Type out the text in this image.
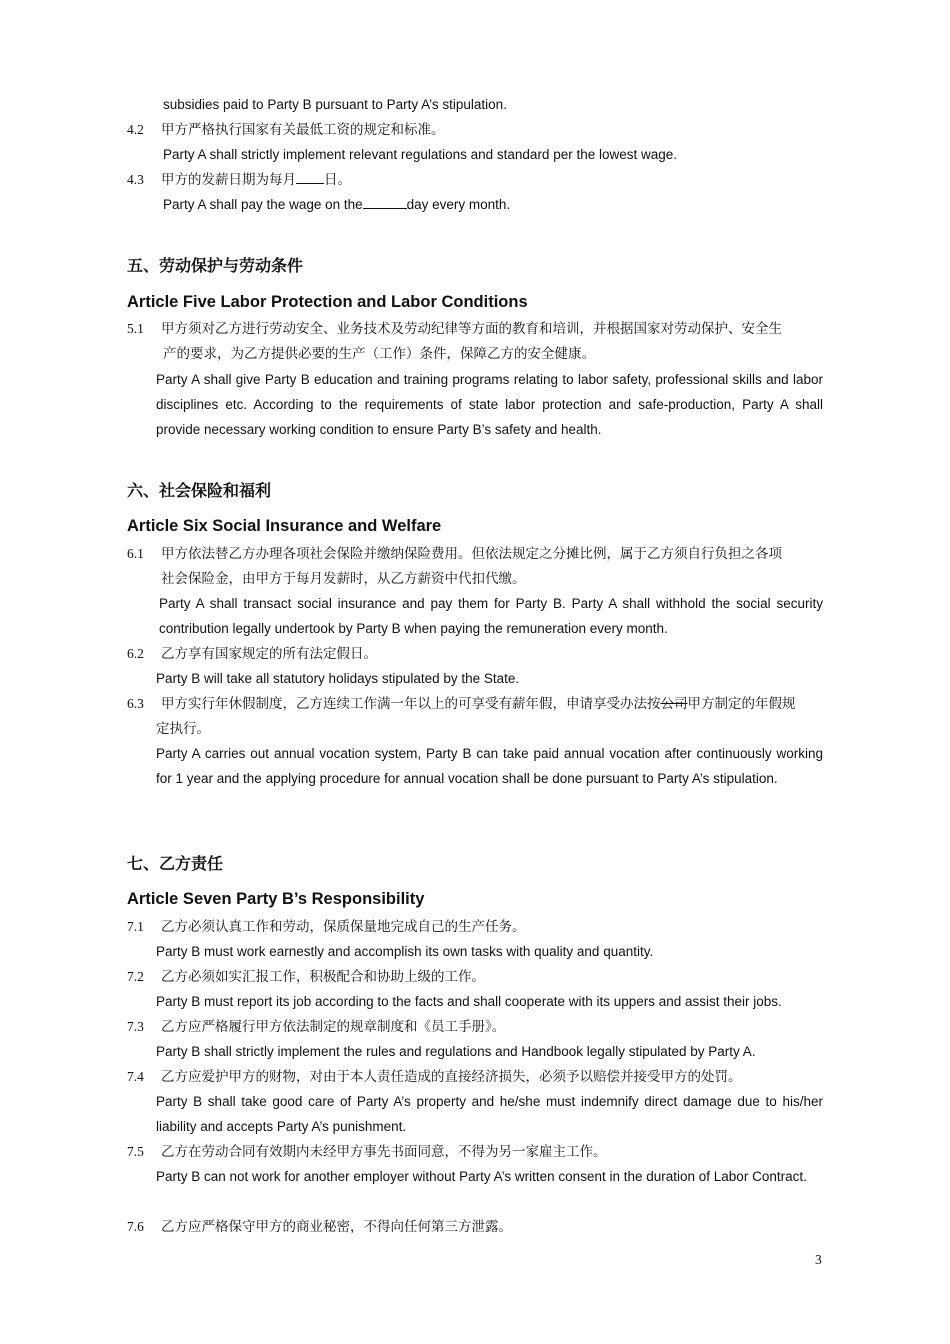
subsidies paid to Party B pursuant to Party A’s stipulation.
4.2 甲方严格执行国家有关最低工资的规定和标准。
Party A shall strictly implement relevant regulations and standard per the lowest wage.
4.3 甲方的发薪日期为每月 日。
Party A shall pay the wage on the	day every month.
五、劳动保护与劳动条件
Article Five Labor Protection and Labor Conditions
5.1 甲方须对乙方进行劳动安全、业务技术及劳动纪律等方面的教育和培训，并根据国家对劳动保护、安全生
产的要求，为乙方提供必要的生产（工作）条件，保障乙方的安全健康。
Party A shall give Party B education and training programs relating to labor safety, professional skills and labor disciplines etc. According to the requirements of state labor protection and safe-production, Party A shall provide necessary working condition to ensure Party B’s safety and health.
六、社会保险和福利
Article Six Social Insurance and Welfare
6.1 甲方依法替乙方办理各项社会保险并缴纳保险费用。但依法规定之分摊比例，属于乙方须自行负担之各项
社会保险金，由甲方于每月发薪时，从乙方薪资中代扣代缴。
Party A shall transact social insurance and pay them for Party B. Party A shall withhold the social security contribution legally undertook by Party B when paying the remuneration every month.
6.2 乙方享有国家规定的所有法定假日。
Party B will take all statutory holidays stipulated by the State.
6.3 甲方实行年休假制度，乙方连续工作满一年以上的可享受有薪年假，申请享受办法按公司甲方制定的年假规
定执行。
Party A carries out annual vocation system, Party B can take paid annual vocation after continuously working for 1 year and the applying procedure for annual vocation shall be done pursuant to Party A’s stipulation.
七、乙方责任
Article Seven Party B’s Responsibility
7.1 乙方必须认真工作和劳动，保质保量地完成自己的生产任务。
Party B must work earnestly and accomplish its own tasks with quality and quantity.
7.2 乙方必须如实汇报工作，积极配合和协助上级的工作。
Party B must report its job according to the facts and shall cooperate with its uppers and assist their jobs.
7.3 乙方应严格履行甲方依法制定的规章制度和《员工手册》。
Party B shall strictly implement the rules and regulations and Handbook legally stipulated by Party A.
7.4 乙方应爱护甲方的财物，对由于本人责任造成的直接经济损失，必须予以赔偿并接受甲方的处罚。
Party B shall take good care of Party A’s property and he/she must indemnify direct damage due to his/her liability and accepts Party A’s punishment.
7.5 乙方在劳动合同有效期内未经甲方事先书面同意，不得为另一家雇主工作。
Party B can not work for another employer without Party A’s written consent in the duration of Labor Contract.
7.6 乙方应严格保守甲方的商业秘密，不得向任何第三方泄露。
3
